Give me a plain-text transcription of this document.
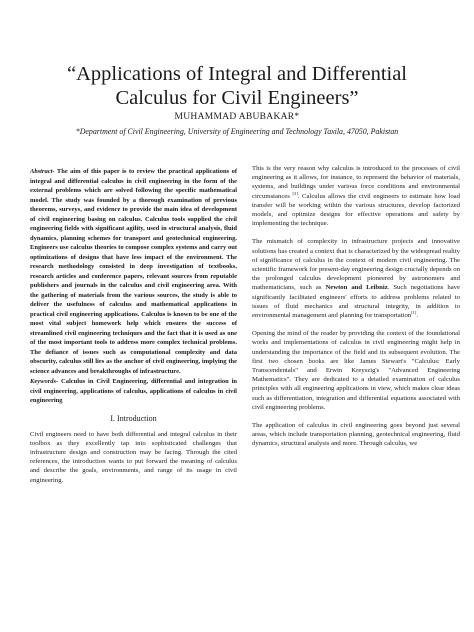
“Applications of Integral and Differential Calculus for Civil Engineers”
MUHAMMAD ABUBAKAR*
*Department of Civil Engineering, University of Engineering and Technology Taxila, 47050, Pakistan

Abstract- The aim of this paper is to review the practical applications of integral and differential calculus in civil engineering in the form of the external problems which are solved following the specific mathematical model. The study was founded by a thorough examination of previous theorems, surveys, and evidence to provide the main idea of development of civil engineering basing on calculus. Calculus tools supplied the civil engineering fields with significant agility, used in structural analysis, fluid dynamics, planning schemes for transport and geotechnical engineering. Engineers use calculus theories to compose complex systems and carry out optimizations of designs that have less impact of the environment. The research methodology consisted in deep investigation of textbooks, research articles and conference papers, relevant sources from reputable publishers and journals in the calculus and civil engineering area. With the gathering of materials from the various sources, the study is able to deliver the usefulness of calculus and mathematical applications in practical civil engineering applications. Calculus is known to be one of the most vital subject homework help which ensures the success of streamlined civil engineering techniques and the fact that it is used as one of the most important tools to address more complex technical problems. The defiance of issues such as computational complexity and data obscurity, calculus still lies as the anchor of civil engineering, implying the science advances and breakthroughs of infrastructure.

Keywords- Calculus in Civil Engineering, differential and integration in civil engineering, applications of calculus, applications of calculus in civil engineering

I. Introduction

Civil engineers need to have both differential and integral calculus in their toolbox as they excellently tap into sophisticated challenges that infrastructure design and construction may be facing. Through the cited references, the introduction wants to put forward the meaning of calculus and describe the goals, environments, and range of its usage in civil engineering.

This is the very reason why calculus is introduced to the processes of civil engineering as it allows, for instance, to represent the behavior of materials, systems, and buildings under various force conditions and environmental circumstances [3]. Calculus allows the civil engineers to estimate how load transfer will be working within the various structures, develop factorized models, and optimize designs for effective operations and safety by implementing the technique.

The mismatch of complexity in infrastructure projects and innovative solutions has created a context that is characterized by the widespread reality of significance of calculus in the context of modern civil engineering. The scientific framework for present-day engineering design crucially depends on the prolonged calculus development pioneered by astronomers and mathematicians, such as Newton and Leibniz. Such negotiations have significantly facilitated engineers' efforts to address problems related to issues of fluid mechanics and structural integrity, in addition to environmental management and planning for transportation[1].

Opening the mind of the reader by providing the context of the foundational works and implementations of calculus in civil engineering might help in understanding the importance of the field and its subsequent evolution. The first two chosen books are like James Stewart's "Calculus: Early Transcendentals" and Erwin Kreyszig's "Advanced Engineering Mathematics". They are dedicated to a detailed examination of calculus principles with all engineering applications in view, which makes clear ideas such as differentiation, integration and differential equations associated with civil engineering problems.

The application of calculus in civil engineering goes beyond just several areas, which include transportation planning, geotechnical engineering, fluid dynamics, structural analysis and more. Through calculus, we
